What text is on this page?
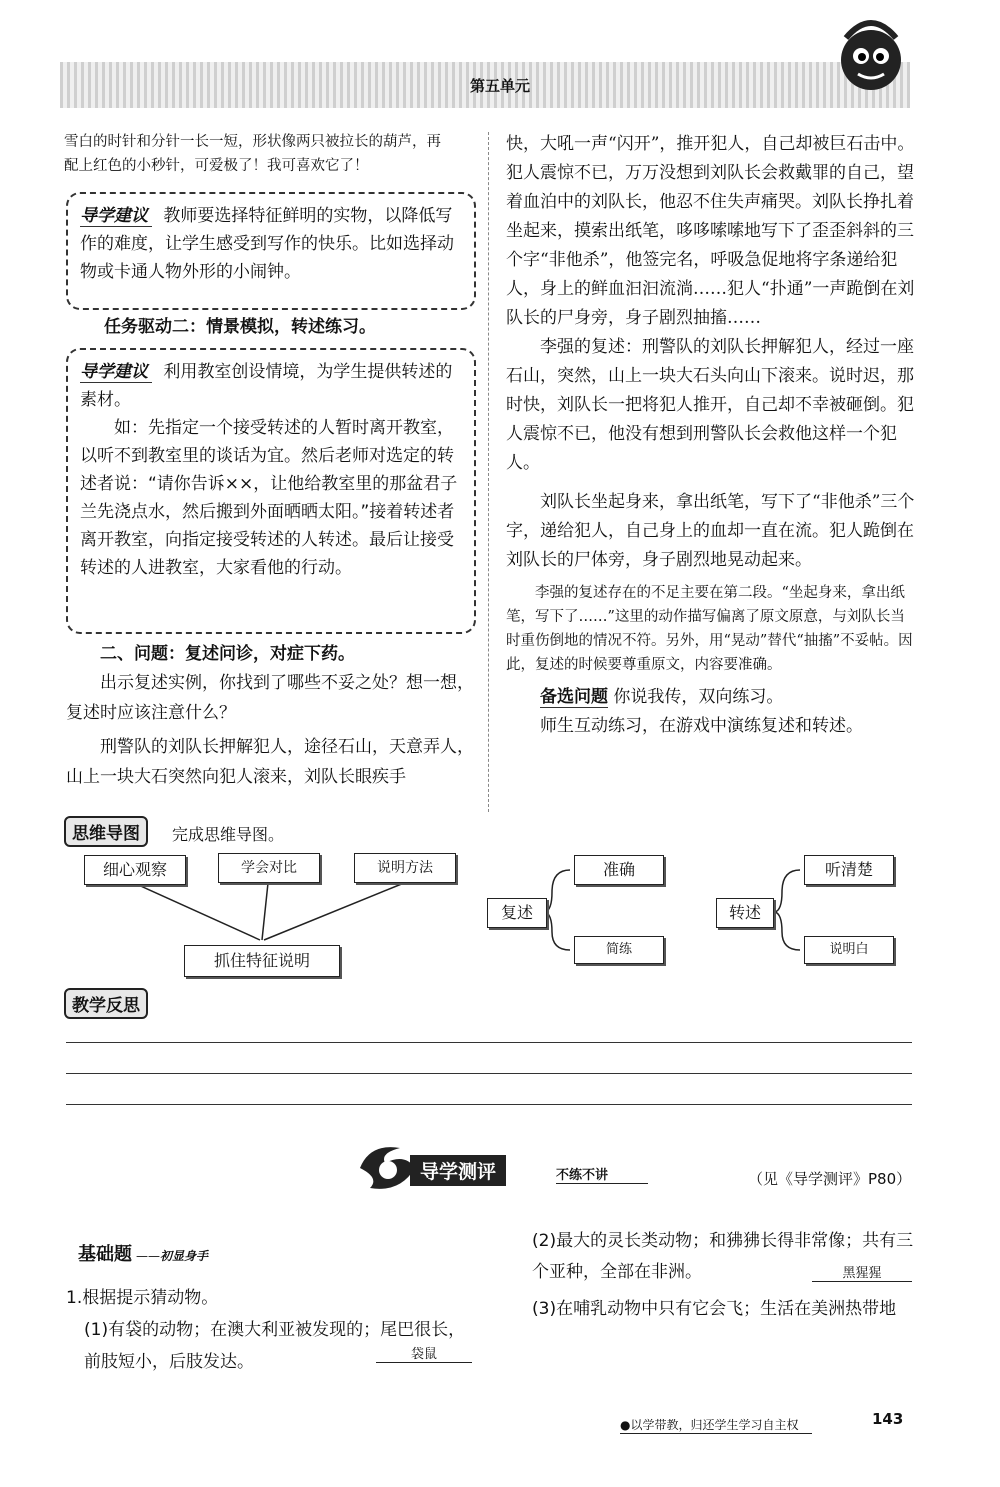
第五单元

雪白的时针和分针一长一短，形状像两只被拉长的葫芦，再

配上红色的小秒针，可爱极了！我可喜欢它了！

导学建议 教师要选择特征鲜明的实物，以降低写作的难度，让学生感受到写作的快乐。比如选择动物或卡通人物外形的小闹钟。
任务驱动二：情景模拟，转述练习。
导学建议 利用教室创设情境，为学生提供转述的素材。
如：先指定一个接受转述的人暂时离开教室，以听不到教室里的谈话为宜。然后老师对选定的转述者说：“请你告诉××，让他给教室里的那盆君子兰先浇点水，然后搬到外面晒晒太阳。”接着转述者离开教室，向指定接受转述的人转述。最后让接受转述的人进教室，大家看他的行动。

二、问题：复述问诊，对症下药。

出示复述实例，你找到了哪些不妥之处？想一想，复述时应该注意什么？

刑警队的刘队长押解犯人，途径石山，天意弄人，山上一块大石突然向犯人滚来，刘队长眼疾手

快，大吼一声“闪开”，推开犯人，自己却被巨石击中。犯人震惊不已，万万没想到刘队长会救戴罪的自己，望着血泊中的刘队长，他忍不住失声痛哭。刘队长挣扎着坐起来，摸索出纸笔，哆哆嗦嗦地写下了歪歪斜斜的三个字“非他杀”，他签完名，呼吸急促地将字条递给犯人，身上的鲜血汩汩流淌……犯人“扑通”一声跪倒在刘队长的尸身旁，身子剧烈抽搐……

李强的复述：刑警队的刘队长押解犯人，经过一座石山，突然，山上一块大石头向山下滚来。说时迟，那时快，刘队长一把将犯人推开，自己却不幸被砸倒。犯人震惊不已，他没有想到刑警队长会救他这样一个犯人。

刘队长坐起身来，拿出纸笔，写下了“非他杀”三个字，递给犯人，自己身上的血却一直在流。犯人跪倒在刘队长的尸体旁，身子剧烈地晃动起来。

李强的复述存在的不足主要在第二段。“坐起身来，拿出纸笔，写下了……”这里的动作描写偏离了原文原意，与刘队长当时重伤倒地的情况不符。另外，用“晃动”替代“抽搐”不妥帖。因此，复述的时候要尊重原文，内容要准确。

备选问题 你说我传，双向练习。

师生互动练习，在游戏中演练复述和转述。

思维导图	完成思维导图。
细心观察	学会对比	说明方法
抓住特征说明
复述
准确
简练
转述
听清楚
说明白
教学反思
导学测评	不练不讲	（见《导学测评》P80）
基础题 ——初显身手

1.根据提示猜动物。

(1)有袋的动物；在澳大利亚被发现的；尾巴很长，前肢短小，后肢发达。	袋鼠

(2)最大的灵长类动物；和狒狒长得非常像；共有三个亚种，全部在非洲。

(3)在哺乳动物中只有它会飞；生活在美洲热带地

黑猩猩
●以学带教，归还学生学习自主权	143
